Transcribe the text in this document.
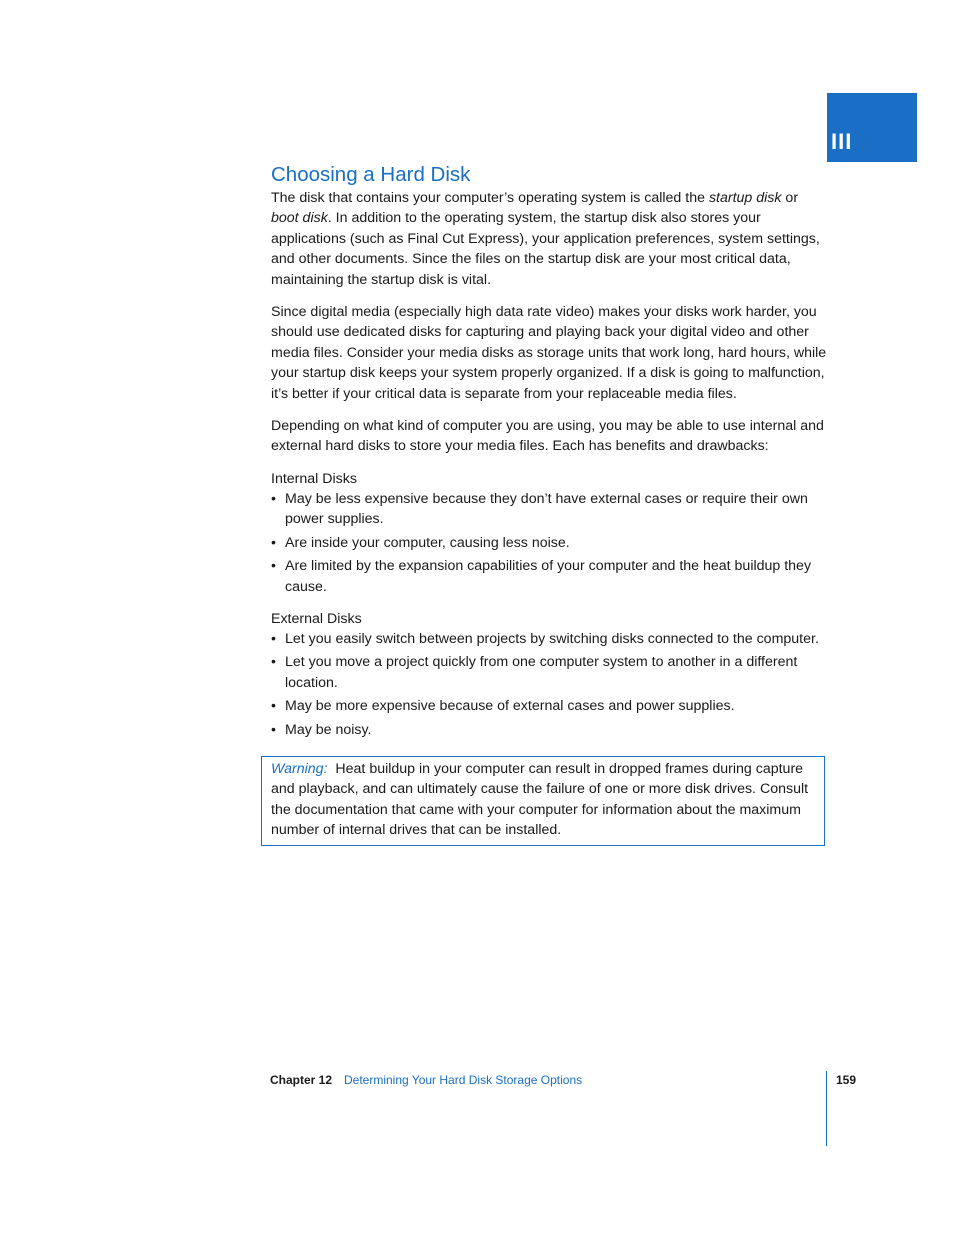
III
Choosing a Hard Disk

The disk that contains your computer’s operating system is called the startup disk or boot disk. In addition to the operating system, the startup disk also stores your applications (such as Final Cut Express), your application preferences, system settings, and other documents. Since the files on the startup disk are your most critical data, maintaining the startup disk is vital.

Since digital media (especially high data rate video) makes your disks work harder, you should use dedicated disks for capturing and playing back your digital video and other media files. Consider your media disks as storage units that work long, hard hours, while your startup disk keeps your system properly organized. If a disk is going to malfunction, it’s better if your critical data is separate from your replaceable media files.

Depending on what kind of computer you are using, you may be able to use internal and external hard disks to store your media files. Each has benefits and drawbacks:

Internal Disks
• May be less expensive because they don’t have external cases or require their own power supplies.
• Are inside your computer, causing less noise.
• Are limited by the expansion capabilities of your computer and the heat buildup they cause.
External Disks
• Let you easily switch between projects by switching disks connected to the computer.
• Let you move a project quickly from one computer system to another in a different location.
• May be more expensive because of external cases and power supplies.
• May be noisy.
Warning: Heat buildup in your computer can result in dropped frames during capture and playback, and can ultimately cause the failure of one or more disk drives. Consult the documentation that came with your computer for information about the maximum number of internal drives that can be installed.
Chapter 12 Determining Your Hard Disk Storage Options	159
